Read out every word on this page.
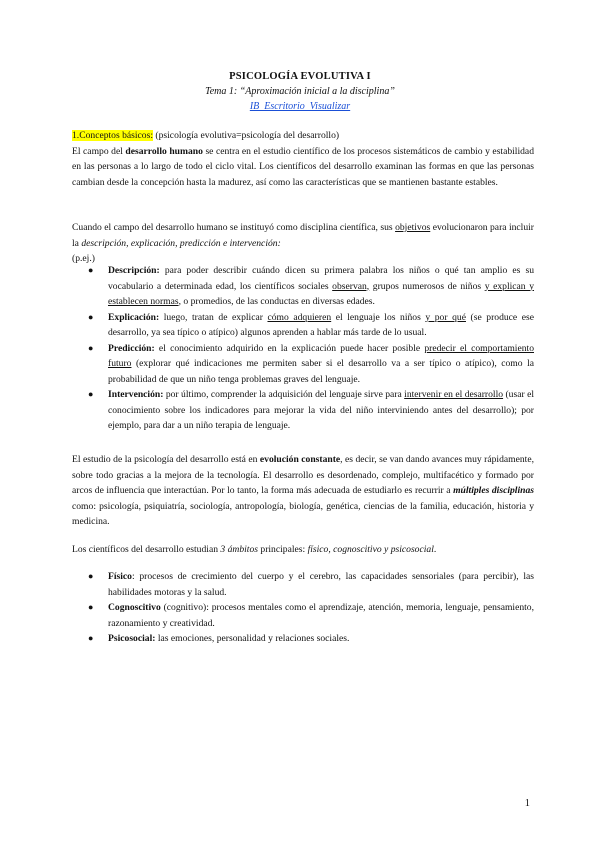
PSICOLOGÍA EVOLUTIVA I
Tema 1: “Aproximación inicial a la disciplina”
IB_Escritorio_Visualizar
1.Conceptos básicos: (psicología evolutiva=psicología del desarrollo)
El campo del desarrollo humano se centra en el estudio científico de los procesos sistemáticos de cambio y estabilidad en las personas a lo largo de todo el ciclo vital. Los científicos del desarrollo examinan las formas en que las personas cambian desde la concepción hasta la madurez, así como las características que se mantienen bastante estables.
Cuando el campo del desarrollo humano se instituyó como disciplina científica, sus objetivos evolucionaron para incluir la descripción, explicación, predicción e intervención:
(p.ej.)
● Descripción: para poder describir cuándo dicen su primera palabra los niños o qué tan amplio es su vocabulario a determinada edad, los científicos sociales observan, grupos numerosos de niños y explican y establecen normas, o promedios, de las conductas en diversas edades.
● Explicación: luego, tratan de explicar cómo adquieren el lenguaje los niños y por qué (se produce ese desarrollo, ya sea típico o atípico) algunos aprenden a hablar más tarde de lo usual.
● Predicción: el conocimiento adquirido en la explicación puede hacer posible predecir el comportamiento futuro (explorar qué indicaciones me permiten saber si el desarrollo va a ser típico o atípico), como la probabilidad de que un niño tenga problemas graves del lenguaje.
● Intervención: por último, comprender la adquisición del lenguaje sirve para intervenir en el desarrollo (usar el conocimiento sobre los indicadores para mejorar la vida del niño interviniendo antes del desarrollo); por ejemplo, para dar a un niño terapia de lenguaje.
El estudio de la psicología del desarrollo está en evolución constante, es decir, se van dando avances muy rápidamente, sobre todo gracias a la mejora de la tecnología. El desarrollo es desordenado, complejo, multifacético y formado por arcos de influencia que interactúan. Por lo tanto, la forma más adecuada de estudiarlo es recurrir a múltiples disciplinas como: psicología, psiquiatría, sociología, antropología, biología, genética, ciencias de la familia, educación, historia y medicina.
Los científicos del desarrollo estudian 3 ámbitos principales: físico, cognoscitivo y psicosocial.
● Físico: procesos de crecimiento del cuerpo y el cerebro, las capacidades sensoriales (para percibir), las habilidades motoras y la salud.
● Cognoscitivo (cognitivo): procesos mentales como el aprendizaje, atención, memoria, lenguaje, pensamiento, razonamiento y creatividad.
● Psicosocial: las emociones, personalidad y relaciones sociales.
1
